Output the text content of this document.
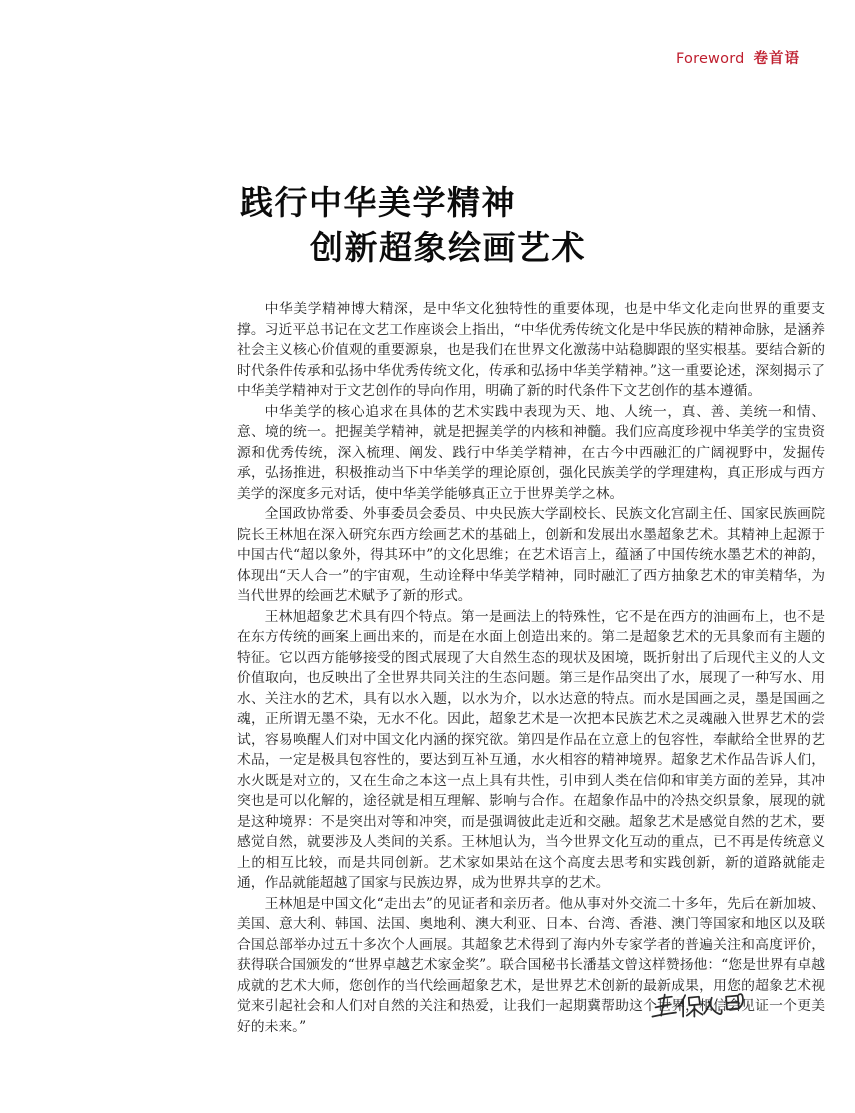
Foreword 卷首语
践行中华美学精神
创新超象绘画艺术

中华美学精神博大精深，是中华文化独特性的重要体现，也是中华文化走向世界的重要支撑。习近平总书记在文艺工作座谈会上指出，“中华优秀传统文化是中华民族的精神命脉，是涵养社会主义核心价值观的重要源泉，也是我们在世界文化激荡中站稳脚跟的坚实根基。要结合新的时代条件传承和弘扬中华优秀传统文化，传承和弘扬中华美学精神。”这一重要论述，深刻揭示了中华美学精神对于文艺创作的导向作用，明确了新的时代条件下文艺创作的基本遵循。

中华美学的核心追求在具体的艺术实践中表现为天、地、人统一，真、善、美统一和情、意、境的统一。把握美学精神，就是把握美学的内核和神髓。我们应高度珍视中华美学的宝贵资源和优秀传统，深入梳理、阐发、践行中华美学精神，在古今中西融汇的广阔视野中，发掘传承，弘扬推进，积极推动当下中华美学的理论原创，强化民族美学的学理建构，真正形成与西方美学的深度多元对话，使中华美学能够真正立于世界美学之林。

全国政协常委、外事委员会委员、中央民族大学副校长、民族文化宫副主任、国家民族画院院长王林旭在深入研究东西方绘画艺术的基础上，创新和发展出水墨超象艺术。其精神上起源于中国古代“超以象外，得其环中”的文化思维；在艺术语言上，蕴涵了中国传统水墨艺术的神韵，体现出“天人合一”的宇宙观，生动诠释中华美学精神，同时融汇了西方抽象艺术的审美精华，为当代世界的绘画艺术赋予了新的形式。

王林旭超象艺术具有四个特点。第一是画法上的特殊性，它不是在西方的油画布上，也不是在东方传统的画案上画出来的，而是在水面上创造出来的。第二是超象艺术的无具象而有主题的特征。它以西方能够接受的图式展现了大自然生态的现状及困境，既折射出了后现代主义的人文价值取向，也反映出了全世界共同关注的生态问题。第三是作品突出了水，展现了一种写水、用水、关注水的艺术，具有以水入题，以水为介，以水达意的特点。而水是国画之灵，墨是国画之魂，正所谓无墨不染，无水不化。因此，超象艺术是一次把本民族艺术之灵魂融入世界艺术的尝试，容易唤醒人们对中国文化内涵的探究欲。第四是作品在立意上的包容性，奉献给全世界的艺术品，一定是极具包容性的，要达到互补互通，水火相容的精神境界。超象艺术作品告诉人们，水火既是对立的，又在生命之本这一点上具有共性，引申到人类在信仰和审美方面的差异，其冲突也是可以化解的，途径就是相互理解、影响与合作。在超象作品中的冷热交织景象，展现的就是这种境界：不是突出对等和冲突，而是强调彼此走近和交融。超象艺术是感觉自然的艺术，要感觉自然，就要涉及人类间的关系。王林旭认为，当今世界文化互动的重点，已不再是传统意义上的相互比较，而是共同创新。艺术家如果站在这个高度去思考和实践创新，新的道路就能走通，作品就能超越了国家与民族边界，成为世界共享的艺术。

王林旭是中国文化“走出去”的见证者和亲历者。他从事对外交流二十多年，先后在新加坡、美国、意大利、韩国、法国、奥地利、澳大利亚、日本、台湾、香港、澳门等国家和地区以及联合国总部举办过五十多次个人画展。其超象艺术得到了海内外专家学者的普遍关注和高度评价，获得联合国颁发的“世界卓越艺术家金奖”。联合国秘书长潘基文曾这样赞扬他：“您是世界有卓越成就的艺术大师，您创作的当代绘画超象艺术，是世界艺术创新的最新成果，用您的超象艺术视觉来引起社会和人们对自然的关注和热爱，让我们一起期冀帮助这个世界，相信会见证一个更美好的未来。”
